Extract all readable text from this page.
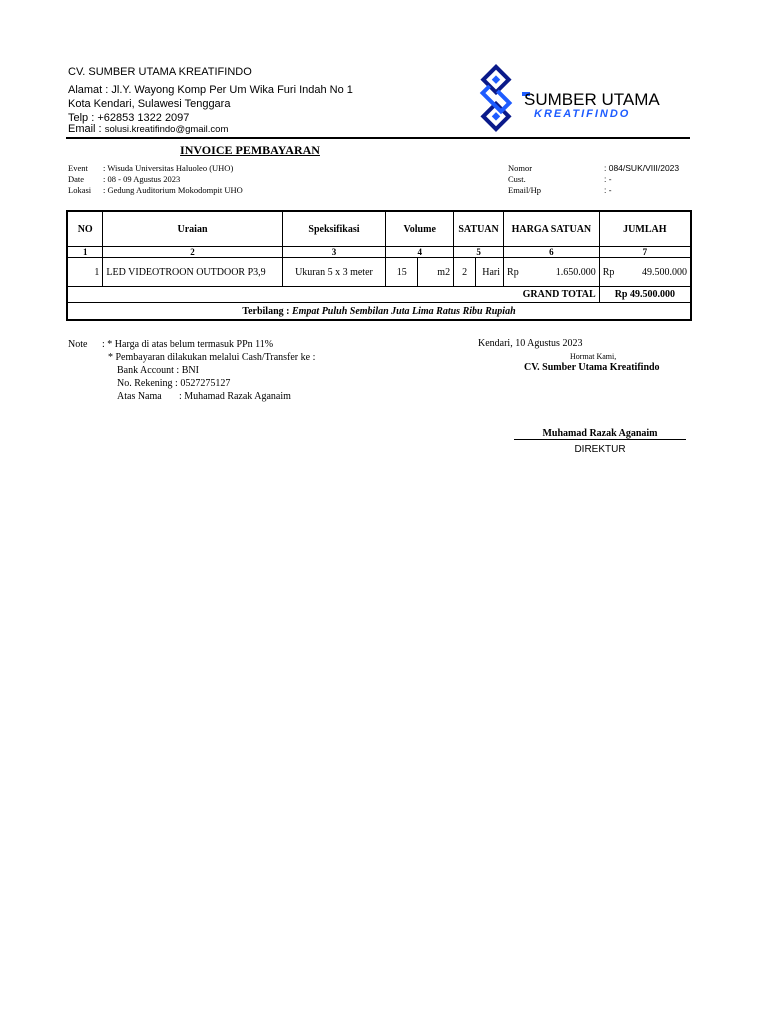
CV. SUMBER UTAMA KREATIFINDO
Alamat : Jl.Y. Wayong Komp Per Um Wika Furi Indah No 1
Kota Kendari, Sulawesi Tenggara
Telp : +62853 1322 2097
Email : solusi.kreatifindo@gmail.com
SUMBER UTAMA
KREATIFINDO
INVOICE PEMBAYARAN
Event	: Wisuda Universitas Haluoleo (UHO)
Date	: 08 - 09 Agustus 2023
Lokasi	: Gedung Auditorium Mokodompit UHO
Nomor	: 084/SUK/VIII/2023
Cust.	: -
Email/Hp	: -
NO	Uraian	Speksifikasi	Volume		SATUAN		HARGA SATUAN	JUMLAH
1	2	3	4		5		6	7
1	LED VIDEOTROON OUTDOOR P3,9	Ukuran 5 x 3 meter	15	m2	2	Hari	Rp 1.650.000	Rp 49.500.000

GRAND TOTAL								Rp 49.500.000
Terbilang : Empat Puluh Sembilan Juta Lima Ratus Ribu Rupiah								
Note : * Harga di atas belum termasuk PPn 11%
* Pembayaran dilakukan melalui Cash/Transfer ke :
Bank Account : BNI
No. Rekening : 0527275127
Atas Nama : Muhamad Razak Aganaim
Kendari, 10 Agustus 2023
Hormat Kami,
CV. Sumber Utama Kreatifindo
Muhamad Razak Aganaim
DIREKTUR
